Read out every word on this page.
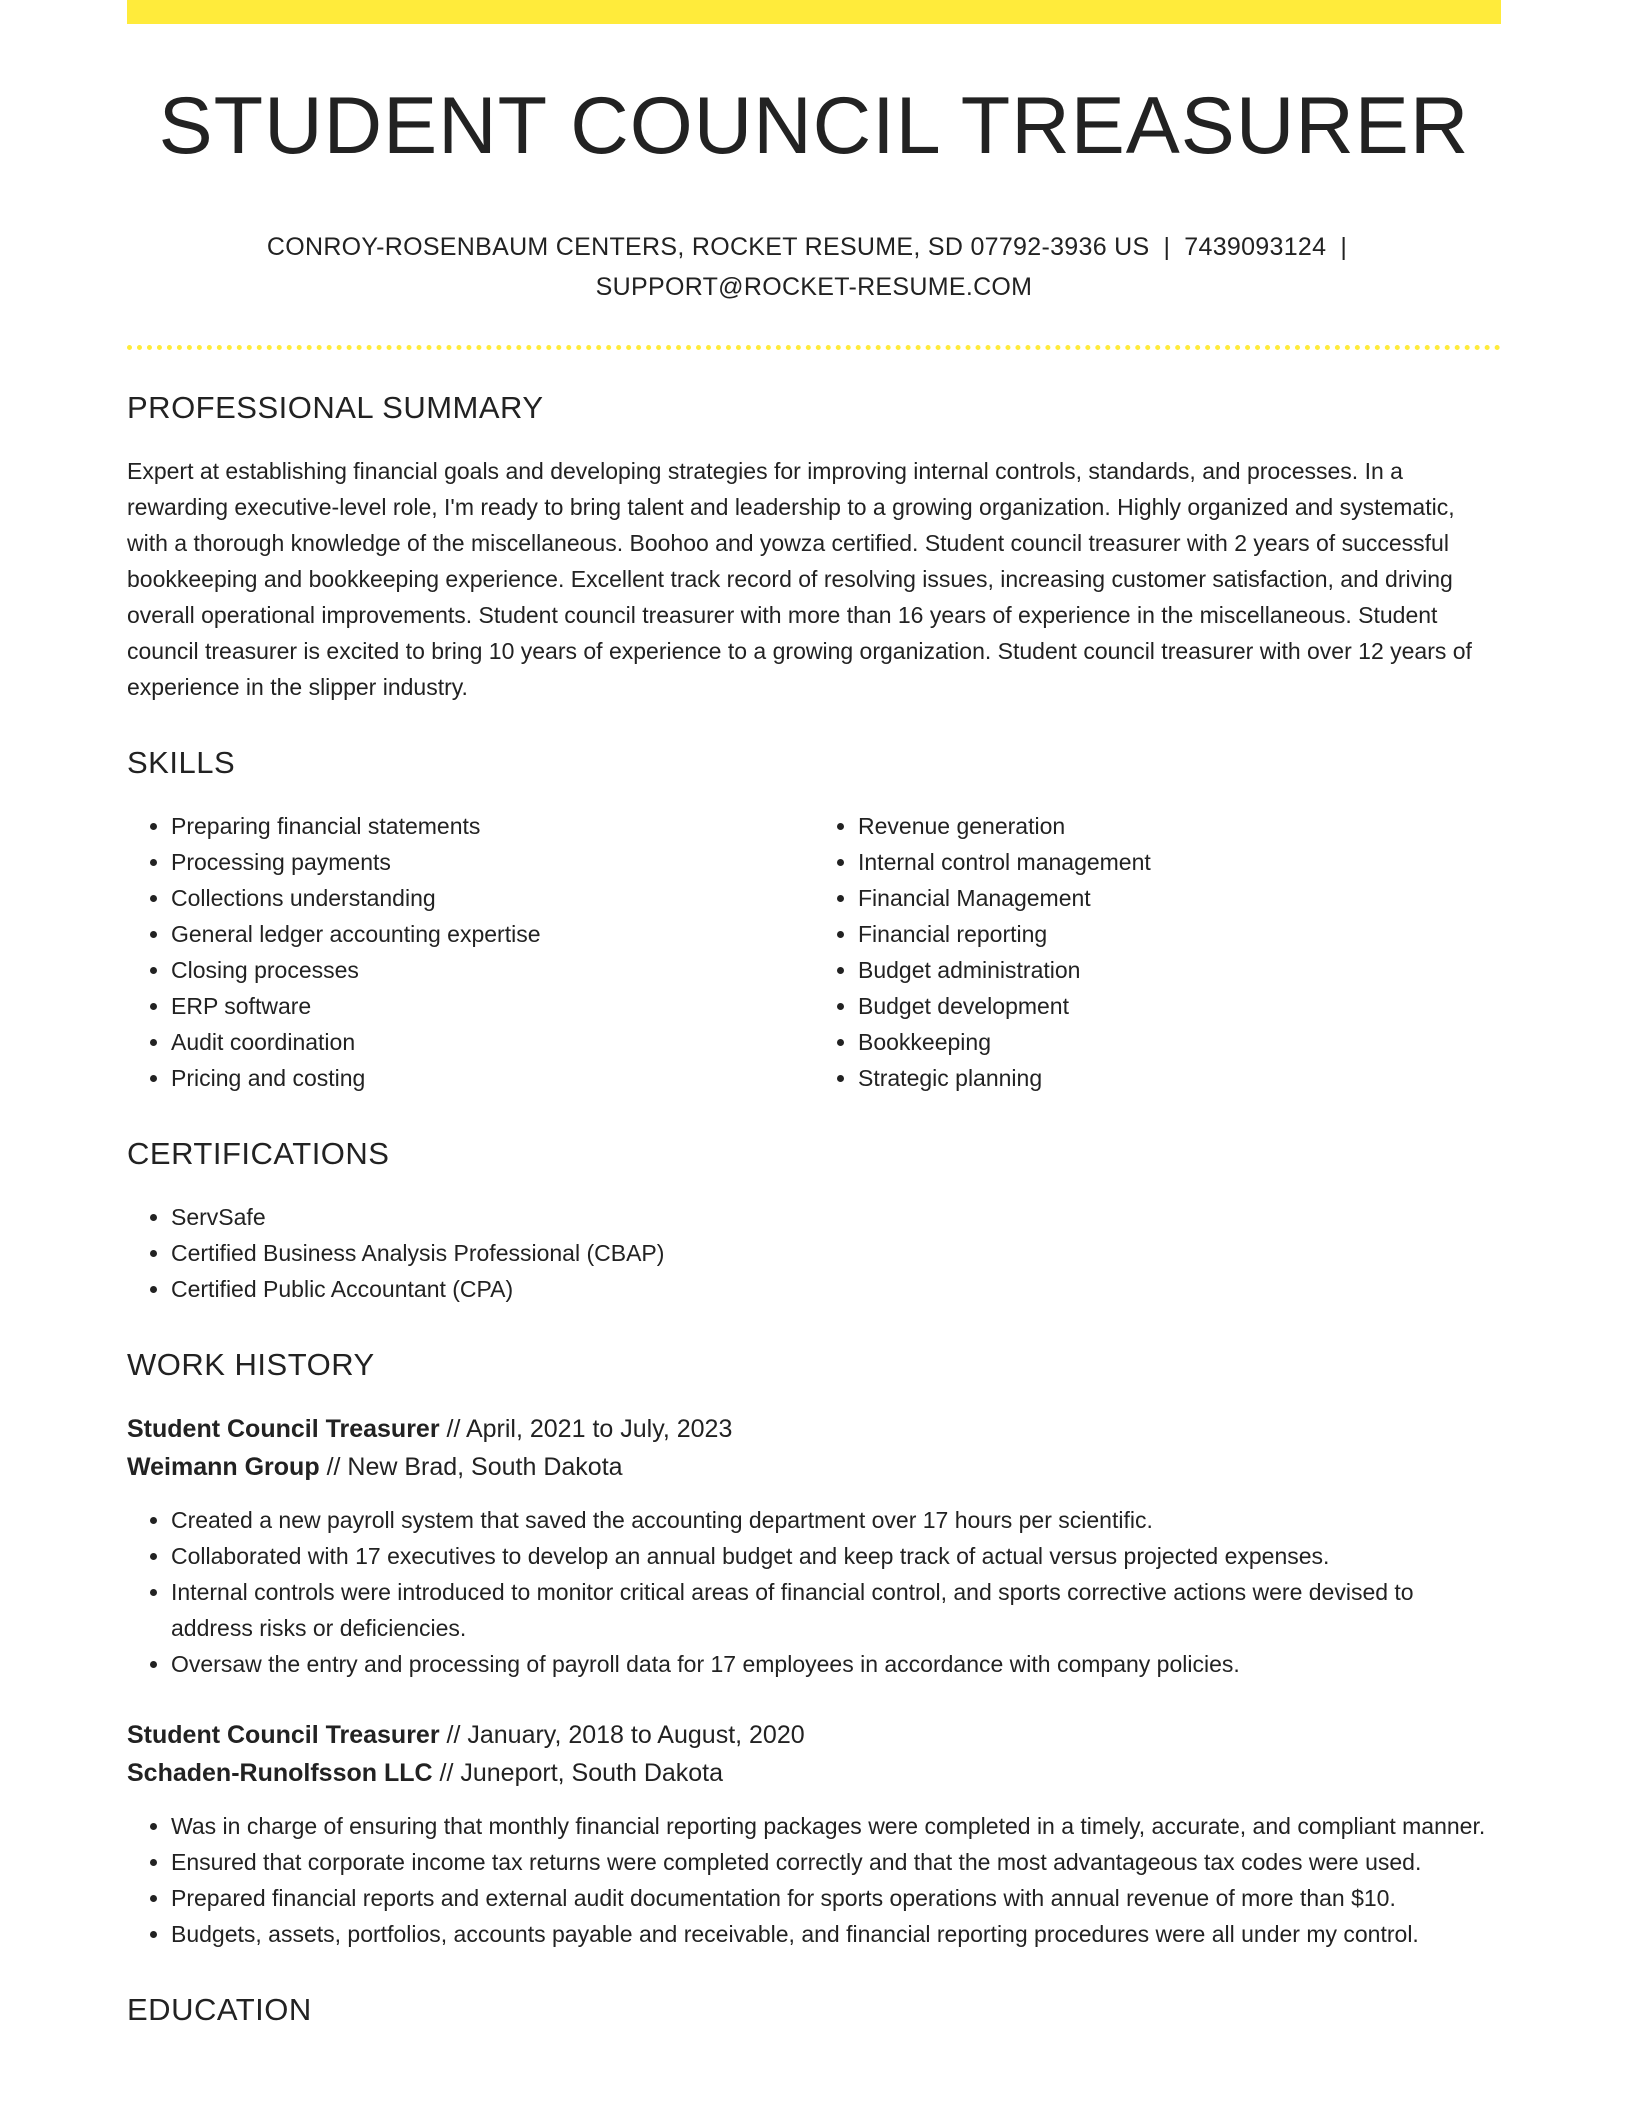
STUDENT COUNCIL TREASURER
CONROY-ROSENBAUM CENTERS, ROCKET RESUME, SD 07792-3936 US | 7439093124 |
SUPPORT@ROCKET-RESUME.COM
PROFESSIONAL SUMMARY

Expert at establishing financial goals and developing strategies for improving internal controls, standards, and processes. In a rewarding executive-level role, I'm ready to bring talent and leadership to a growing organization. Highly organized and systematic, with a thorough knowledge of the miscellaneous. Boohoo and yowza certified. Student council treasurer with 2 years of successful bookkeeping and bookkeeping experience. Excellent track record of resolving issues, increasing customer satisfaction, and driving overall operational improvements. Student council treasurer with more than 16 years of experience in the miscellaneous. Student council treasurer is excited to bring 10 years of experience to a growing organization. Student council treasurer with over 12 years of experience in the slipper industry.

SKILLS
• Preparing financial statements
• Processing payments
• Collections understanding
• General ledger accounting expertise
• Closing processes
• ERP software
• Audit coordination
• Pricing and costing
• Revenue generation
• Internal control management
• Financial Management
• Financial reporting
• Budget administration
• Budget development
• Bookkeeping
• Strategic planning
CERTIFICATIONS
• ServSafe
• Certified Business Analysis Professional (CBAP)
• Certified Public Accountant (CPA)
WORK HISTORY
Student Council Treasurer // April, 2021 to July, 2023
Weimann Group // New Brad, South Dakota
• Created a new payroll system that saved the accounting department over 17 hours per scientific.
• Collaborated with 17 executives to develop an annual budget and keep track of actual versus projected expenses.
• Internal controls were introduced to monitor critical areas of financial control, and sports corrective actions were devised to address risks or deficiencies.
• Oversaw the entry and processing of payroll data for 17 employees in accordance with company policies.
Student Council Treasurer // January, 2018 to August, 2020
Schaden-Runolfsson LLC // Juneport, South Dakota
• Was in charge of ensuring that monthly financial reporting packages were completed in a timely, accurate, and compliant manner.
• Ensured that corporate income tax returns were completed correctly and that the most advantageous tax codes were used.
• Prepared financial reports and external audit documentation for sports operations with annual revenue of more than $10.
• Budgets, assets, portfolios, accounts payable and receivable, and financial reporting procedures were all under my control.
EDUCATION
